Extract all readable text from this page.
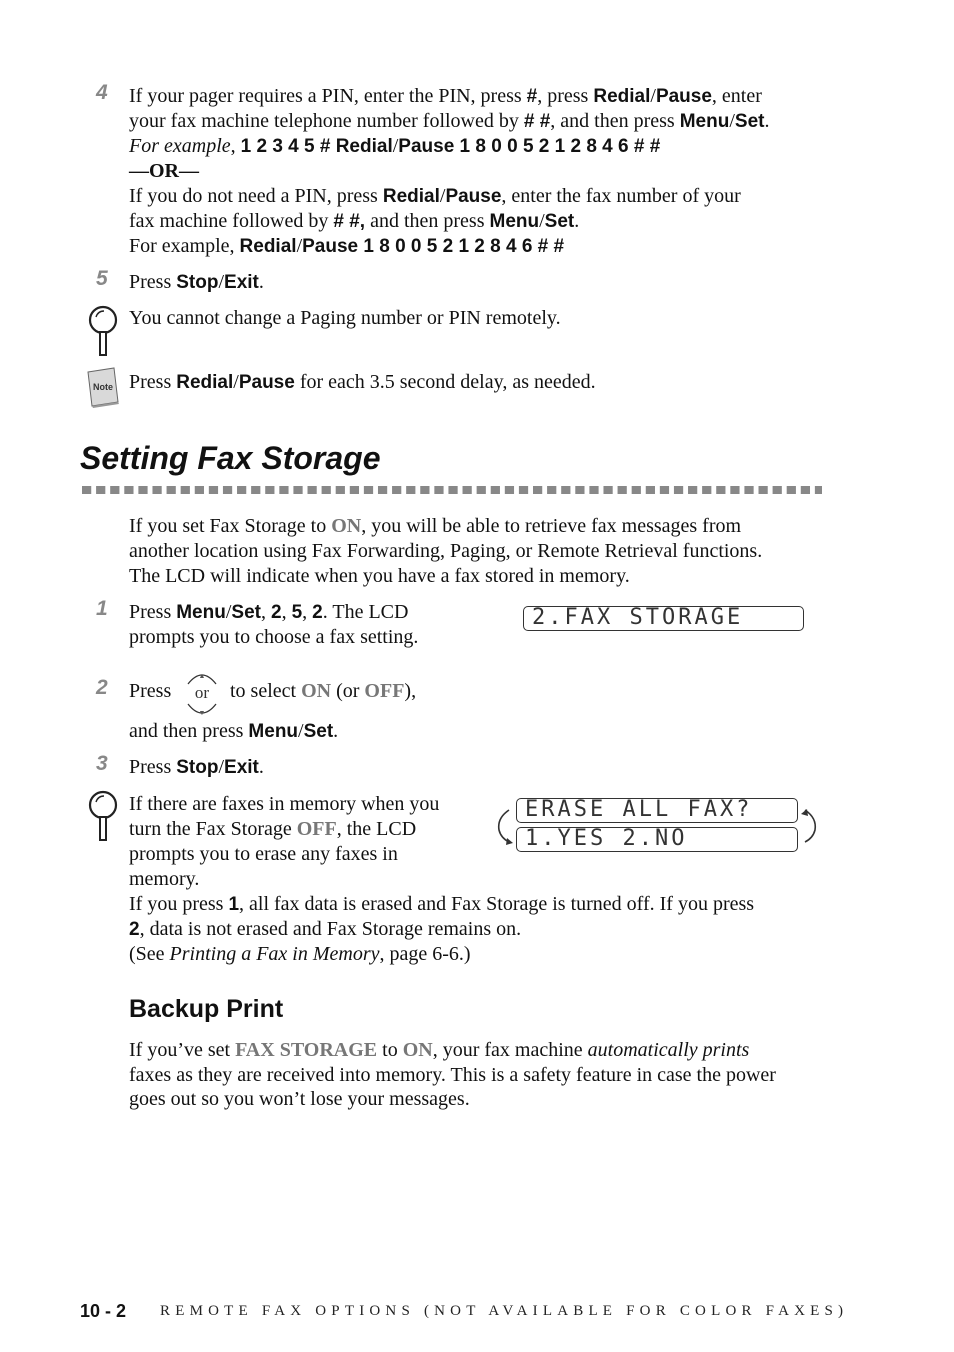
4 If your pager requires a PIN, enter the PIN, press #, press Redial/Pause, enter
your fax machine telephone number followed by # #, and then press Menu/Set.
For example, 1 2 3 4 5 # Redial/Pause 1 8 0 0 5 2 1 2 8 4 6 # #
—OR—
If you do not need a PIN, press Redial/Pause, enter the fax number of your
fax machine followed by # #, and then press Menu/Set.
For example, Redial/Pause 1 8 0 0 5 2 1 2 8 4 6 # #
5 Press Stop/Exit.
You cannot change a Paging number or PIN remotely.
Note Press Redial/Pause for each 3.5 second delay, as needed.
Setting Fax Storage
If you set Fax Storage to ON, you will be able to retrieve fax messages from
another location using Fax Forwarding, Paging, or Remote Retrieval functions.
The LCD will indicate when you have a fax stored in memory.
1 Press Menu/Set, 2, 5, 2. The LCD
prompts you to choose a fax setting.
2.FAX STORAGE
2 Press
▲
▼
or to select ON (or OFF),
and then press Menu/Set.
3 Press Stop/Exit.
If there are faxes in memory when you
turn the Fax Storage OFF, the LCD
prompts you to erase any faxes in
memory.
If you press 1, all fax data is erased and Fax Storage is turned off. If you press
2, data is not erased and Fax Storage remains on.
(See Printing a Fax in Memory, page 6-6.)
ERASE ALL FAX?
1.YES 2.NO
Backup Print
If you’ve set FAX STORAGE to ON, your fax machine automatically prints
faxes as they are received into memory. This is a safety feature in case the power
goes out so you won’t lose your messages.
10 - 2 REMOTE FAX OPTIONS (NOT AVAILABLE FOR COLOR FAXES)
